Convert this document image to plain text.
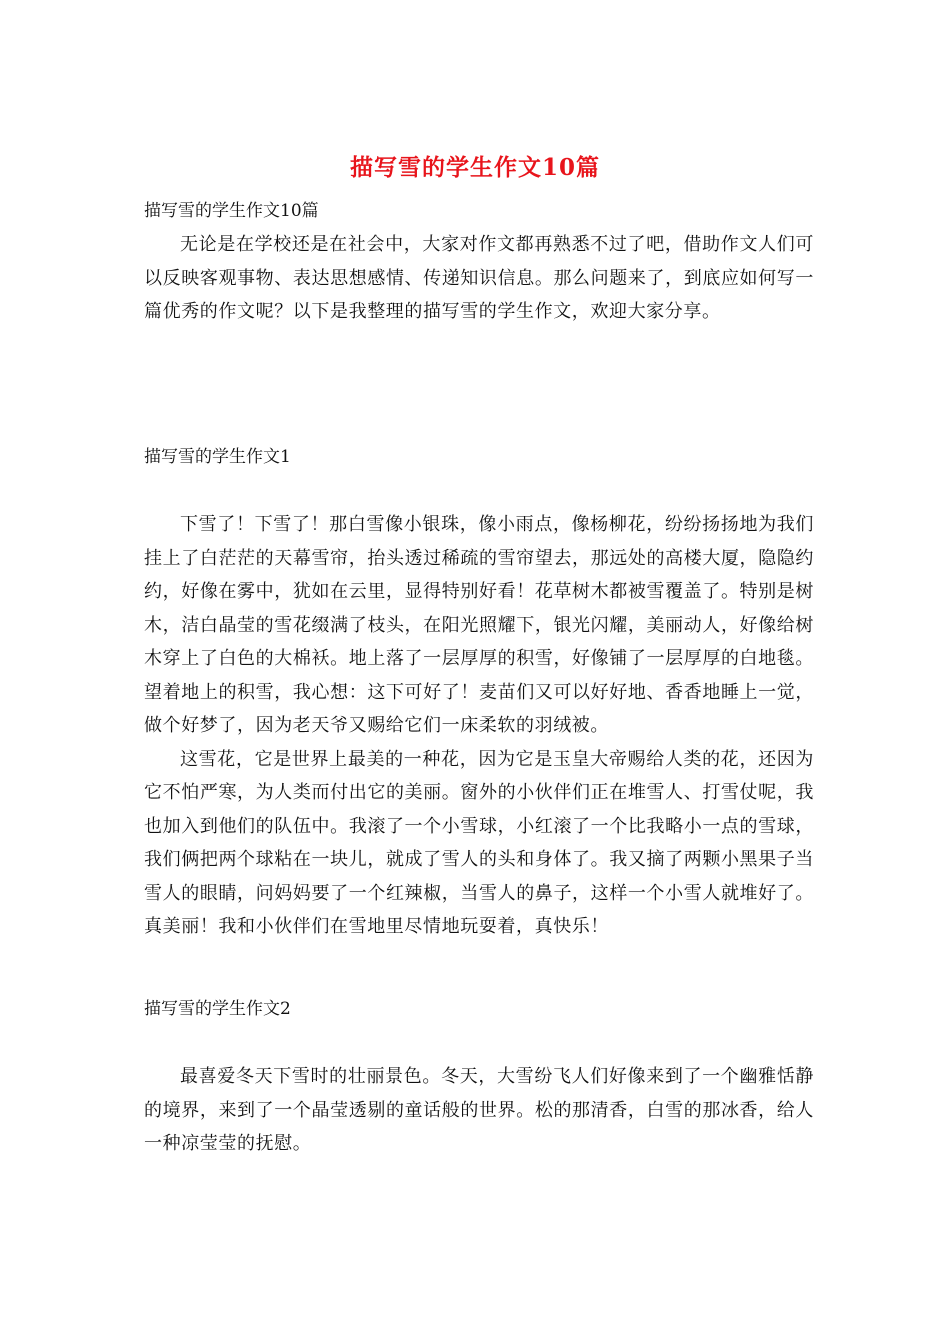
描写雪的学生作文10篇
描写雪的学生作文10篇

无论是在学校还是在社会中，大家对作文都再熟悉不过了吧，借助作文人们可以反映客观事物、表达思想感情、传递知识信息。那么问题来了，到底应如何写一篇优秀的作文呢？以下是我整理的描写雪的学生作文，欢迎大家分享。

描写雪的学生作文1

下雪了！下雪了！那白雪像小银珠，像小雨点，像杨柳花，纷纷扬扬地为我们挂上了白茫茫的天幕雪帘，抬头透过稀疏的雪帘望去，那远处的高楼大厦，隐隐约约，好像在雾中，犹如在云里，显得特别好看！花草树木都被雪覆盖了。特别是树木，洁白晶莹的雪花缀满了枝头，在阳光照耀下，银光闪耀，美丽动人，好像给树木穿上了白色的大棉袄。地上落了一层厚厚的积雪，好像铺了一层厚厚的白地毯。望着地上的积雪，我心想：这下可好了！麦苗们又可以好好地、香香地睡上一觉，做个好梦了，因为老天爷又赐给它们一床柔软的羽绒被。

这雪花，它是世界上最美的一种花，因为它是玉皇大帝赐给人类的花，还因为它不怕严寒，为人类而付出它的美丽。窗外的小伙伴们正在堆雪人、打雪仗呢，我也加入到他们的队伍中。我滚了一个小雪球，小红滚了一个比我略小一点的雪球，我们俩把两个球粘在一块儿，就成了雪人的头和身体了。我又摘了两颗小黑果子当雪人的眼睛，问妈妈要了一个红辣椒，当雪人的鼻子，这样一个小雪人就堆好了。真美丽！我和小伙伴们在雪地里尽情地玩耍着，真快乐！

描写雪的学生作文2

最喜爱冬天下雪时的壮丽景色。冬天，大雪纷飞人们好像来到了一个幽雅恬静的境界，来到了一个晶莹透剔的童话般的世界。松的那清香，白雪的那冰香，给人一种凉莹莹的抚慰。
